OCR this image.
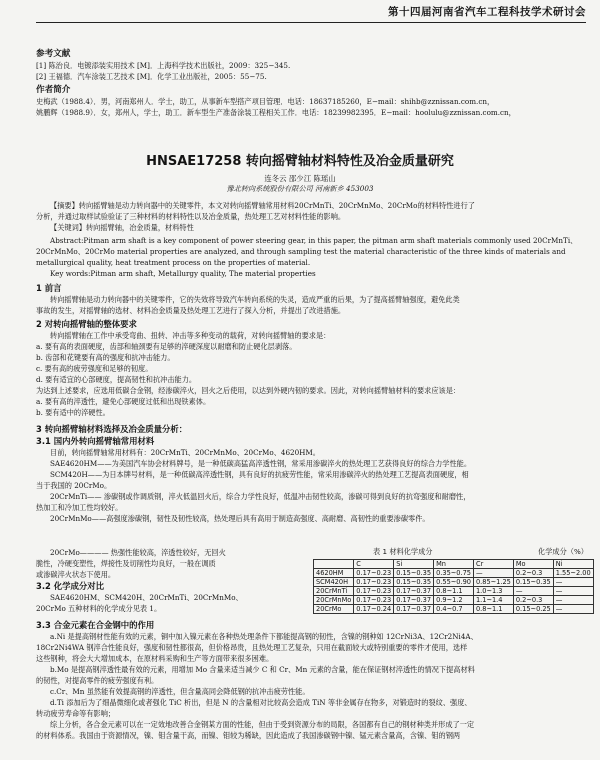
第十四届河南省汽车工程科技学术研讨会
参考文献
[1] 陈治良．电镀添装实用技术 [M]．上海科学技术出版社，2009：325−345.
[2] 王福德．汽车涂装工艺技术 [M]．化学工业出版社，2005：55−75.
作者简介
史梅武（1988.4）．男，河南郑州人．学士，助工，从事新车型搭产项目管理．电话：18637185260，E−mail：shihb@zznissan.com.cn，
姚鹏辉（1988.9）．女，郑州人，学士，助工．新车型生产准备涂装工程相关工作．电话：18239982395．E−mail：hoolulu@zznissan.com.cn，
HNSAE17258 转向摇臂轴材料特性及冶金质量研究
连冬云 邵少江 陈瑶山
豫北转向系统股份有限公司 河南新乡 453003
【摘要】转向摇臂轴是动力转向器中的关键零件，本文对转向摇臂轴常用材料20CrMnTi、20CrMnMo、20CrMo的材料特性进行了
分析，并通过取样试验验证了三种材料的材料特性以及冶金质量，热处理工艺对材料性能的影响。
【关键词】转向摇臂轴，冶金质量，材料特性
Abstract:Pitman arm shaft is a key component of power steering gear, in this paper, the pitman arm shaft materials commonly used 20CrMnTi、
20CrMnMo、20CrMo material properties are analyzed, and through sampling test the material characteristic of the three kinds of materials and
metallurgical quality, heat treatment process on the properties of material.
Key words:Pitman arm shaft, Metallurgy quality, The material properties
1 前言
转向摇臂轴是动力转向器中的关键零件，它的失效将导致汽车转向系统的失灵，造成严重的后果，为了提高摇臂轴强度，避免此类
事故的发生，对摇臂轴的选材、材料冶金质量及热处理工艺进行了探入分析，并提出了改进措施。
2 对转向摇臂轴的整体要求
转向摇臂轴在工作中承受弯曲、扭转、冲击等多种变动的载荷，对转向摇臂轴的要求是：
a. 要有高的表面硬度，齿部和轴颈要有足够的淬硬深度以耐磨和防止硬化层剥落。
b. 齿部和花键要有高的强度和抗冲击能力。
c. 要有高的疲劳强度和足够的韧度。
d. 要有适宜的心部硬度，提高韧性和抗冲击能力。
为达到上述要求，应选用低碳合金钢，经渗碳淬火，回火之后使用，以达到外硬内韧的要求。因此，对转向摇臂轴材料的要求应该是：
a. 要有高的淬透性，避免心部硬度过低和出现铁素体。
b. 要有适中的淬硬性。
3 转向摇臂轴材料选择及冶金质量分析：
3.1 国内外转向摇臂轴常用材料
目前，转向摇臂轴常用材料有：20CrMnTi、20CrMnMo、20CrMo、4620HM。
SAE4620HM——为美国汽车协会材料牌号，是一种低碳高猛高淬透性钢，常采用渗碳淬火的热处理工艺获得良好的综合力学性能。
SCM420H——为日本牌号材料，是一种低碳高淬透性钢，具有良好的抗疲劳性能，常采用渗碳淬火的热处理工艺提高表面硬度，相
当于我国的 20CrMo。
20CrMnTi—— 渗碳钢或作调质钢，淬火低温回火后，综合力学性良好，低温冲击韧性较高，渗碳可得到良好的抗弯强度和耐磨性，
热加工和冷加工性均较好。
20CrMnMo——高强度渗碳钢，韧性及韧性较高，热处理后具有高用于制造高强度、高耐磨、高韧性的重要渗碳零件。
20CrMo———— 热强性能较高，淬透性较好，无回火
脆性，冷硬变塑性，焊接性及切削性均良好，一般在调质
或渗碳淬火状态下使用。
3.2 化学成分对比
SAE4620HM、SCM420H、20CrMnTi、20CrMnMo、
20CrMo 五种材料的化学成分见表 1。
表 1 材料化学成分	化学成分（%）
	C	Si	Mn	Cr	Mo	Ni
4620HM	0.17~0.23	0.15~0.35	0.35~0.75	—	0.2~0.3	1.55~2.00
SCM420H	0.17~0.23	0.15~0.35	0.55~0.90	0.85~1.25	0.15~0.35	—
20CrMnTi	0.17~0.23	0.17~0.37	0.8~1.1	1.0~1.3	—	—
20CrMnMo	0.17~0.23	0.17~0.37	0.9~1.2	1.1~1.4	0.2~0.3	—
20CrMo	0.17~0.24	0.17~0.37	0.4~0.7	0.8~1.1	0.15~0.25	—
3.3 合金元素在合金钢中的作用
a.Ni 是提高钢材性能有效的元素，铜中加入镍元素在各种热处理条件下都能提高钢的韧性，含镍的钢种如 12CrNi3A、12Cr2Ni4A、
18Cr2Ni4WA 钢淬合性能良好，强度和韧性都很高，但价格昂贵，且热处理工艺复杂，只用在截面较大或特别重要的零件才使用，选样
这些钢种，将会大大增加成本，在原材料采购和生产等方面带来很多困难。
b.Mo 是提高钢淬透性最有效的元素，用增加 Mo 含量来适当减少 C 和 Cr、Mn 元素的含量，能在保证钢材淬透性的情况下提高材料
的韧性，对提高零件的疲劳强度有利。
c.Cr、Mn 虽然能有效提高钢的淬透性，但含量高同会降低钢的抗冲击疲劳性能。
d.Ti 添加后为了细晶微细化或者强化 TiC 析出，但是 N 的含量相对比较高会造成 TiN 等非金属存在物多，对锻造时的裂纹、强度、
转动疲劳寿命等有影响；
综上分析，各合金元素可以在一定效地改善合金钢某方面的性能，但由于受到资源分布的局限，各国都有自己的钢材种类并形成了一定
的材料体系。我国由于资源情况，镍、钼含量干高，而镍、钼较为稀缺，因此造成了我国渗碳钢中镍、锰元素含量高，含镍、钼的钢两
